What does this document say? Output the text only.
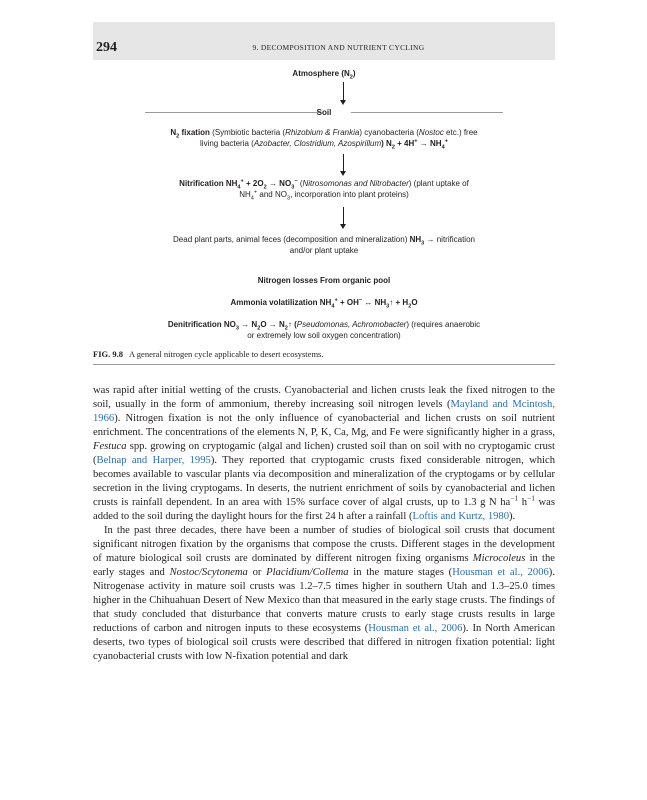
294	9. DECOMPOSITION AND NUTRIENT CYCLING
Atmosphere $(N_2)$
Soil
$N_2$ fixation (Symbiotic bacteria (Rhizobium & Frankia) cyanobacteria (Nostoc etc.) free
living bacteria (Azobacter, Clostridium, Azospirillum) $N_2 + 4H^+ \to NH_4^+$
Nitrification $NH_4^+ + 2O_2 \to NO_3^-$ (Nitrosomonas and Nitrobacter) (plant uptake of
$NH_4^+$ and $NO_3$, incorporation into plant proteins)
Dead plant parts, animal feces (decomposition and mineralization) $NH_3$ → nitrification
and/or plant uptake
Nitrogen losses From organic pool
Ammonia volatilization $NH_4^+ + OH^-$ ↔ $NH_3↑ + H_2O$
Denitrification $NO_3 \to N_2O$ → $N_2↑$ (Pseudomonas, Achromobacter) (requires anaerobic
or extremely low soil oxygen concentration)
FIG. 9.8 A general nitrogen cycle applicable to desert ecosystems.

was rapid after initial wetting of the crusts. Cyanobacterial and lichen crusts leak the fixed nitrogen to the soil, usually in the form of ammonium, thereby increasing soil nitrogen levels (Mayland and Mcintosh, 1966). Nitrogen fixation is not the only influence of cyanobacterial and lichen crusts on soil nutrient enrichment. The concentrations of the elements N, P, K, Ca, Mg, and Fe were significantly higher in a grass, Festuca spp. growing on cryptogamic (algal and lichen) crusted soil than on soil with no cryptogamic crust (Belnap and Harper, 1995). They reported that cryptogamic crusts fixed considerable nitrogen, which becomes available to vascular plants via decomposition and mineralization of the cryptogams or by cellular secretion in the living cryptogams. In deserts, the nutrient enrichment of soils by cyanobacterial and lichen crusts is rainfall dependent. In an area with 15% surface cover of algal crusts, up to 1.3 g N $ha^{-1}$ $h^{-1}$ was added to the soil during the daylight hours for the first 24 h after a rainfall (Loftis and Kurtz, 1980).

In the past three decades, there have been a number of studies of biological soil crusts that document significant nitrogen fixation by the organisms that compose the crusts. Different stages in the development of mature biological soil crusts are dominated by different nitrogen fixing organisms Microcoleus in the early stages and Nostoc/Scytonema or Placidium/Collema in the mature stages (Housman et al., 2006). Nitrogenase activity in mature soil crusts was 1.2–7.5 times higher in southern Utah and 1.3–25.0 times higher in the Chihuahuan Desert of New Mexico than that measured in the early stage crusts. The findings of that study concluded that disturbance that converts mature crusts to early stage crusts results in large reductions of carbon and nitrogen inputs to these ecosystems (Housman et al., 2006). In North American deserts, two types of biological soil crusts were described that differed in nitrogen fixation potential: light cyanobacterial crusts with low N-fixation potential and dark
